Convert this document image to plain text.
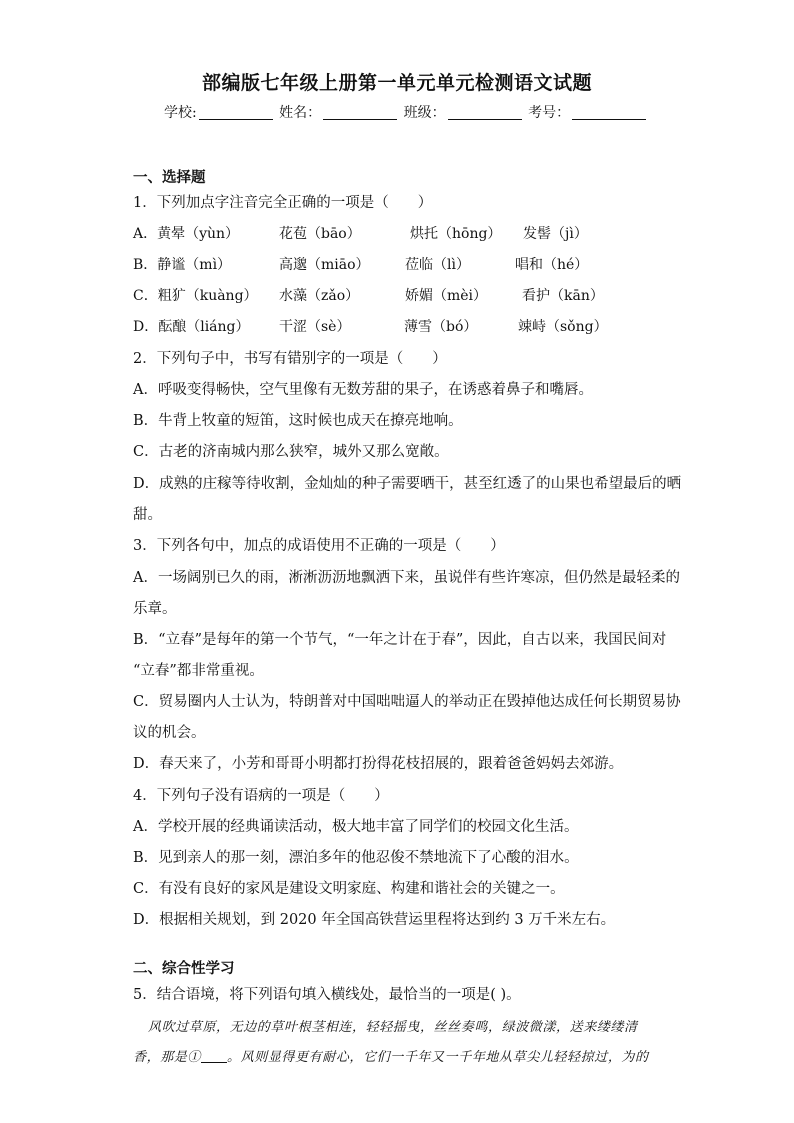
部编版七年级上册第一单元单元检测语文试题
学校:	姓名：	班级：	考号：
一、选择题
1．下列加点字注音完全正确的一项是（　　）
A．黄晕（yùn）	花苞（bāo）	烘托（hōng） 发髻（jì）
B．静谧（mì）	高邈（miāo）	莅临（lì）	唱和（hé）
C．粗犷（kuàng） 水藻（zǎo）	娇媚（mèi） 看护（kān）
D．酝酿（liáng） 干涩（sè）	薄雪（bó）	竦峙（sǒng）
2．下列句子中，书写有错别字的一项是（　　）
A．呼吸变得畅快，空气里像有无数芳甜的果子，在诱惑着鼻子和嘴唇。
B．牛背上牧童的短笛，这时候也成天在撩亮地响。
C．古老的济南城内那么狭窄，城外又那么宽敞。
D．成熟的庄稼等待收割，金灿灿的种子需要晒干，甚至红透了的山果也希望最后的晒
甜。
3．下列各句中，加点的成语使用不正确的一项是（　　）
A．一场阔别已久的雨，淅淅沥沥地飘洒下来，虽说伴有些许寒凉，但仍然是最轻柔的
乐章。
B．“立春”是每年的第一个节气，“一年之计在于春”，因此，自古以来，我国民间对
“立春”都非常重视。
C．贸易圈内人士认为，特朗普对中国咄咄逼人的举动正在毁掉他达成任何长期贸易协
议的机会。
D．春天来了，小芳和哥哥小明都打扮得花枝招展的，跟着爸爸妈妈去郊游。
4．下列句子没有语病的一项是（　　）
A．学校开展的经典诵读活动，极大地丰富了同学们的校园文化生活。
B．见到亲人的那一刻，漂泊多年的他忍俊不禁地流下了心酸的泪水。
C．有没有良好的家风是建设文明家庭、构建和谐社会的关键之一。
D．根据相关规划，到 2020 年全国高铁营运里程将达到约 3 万千米左右。
二、综合性学习
5．结合语境，将下列语句填入横线处，最恰当的一项是( )。
风吹过草原，无边的草叶根茎相连，轻轻摇曳，丝丝奏鸣，绿波微漾，送来缕缕清
香，那是① 。风则显得更有耐心，它们一千年又一千年地从草尖儿轻轻掠过，为的
